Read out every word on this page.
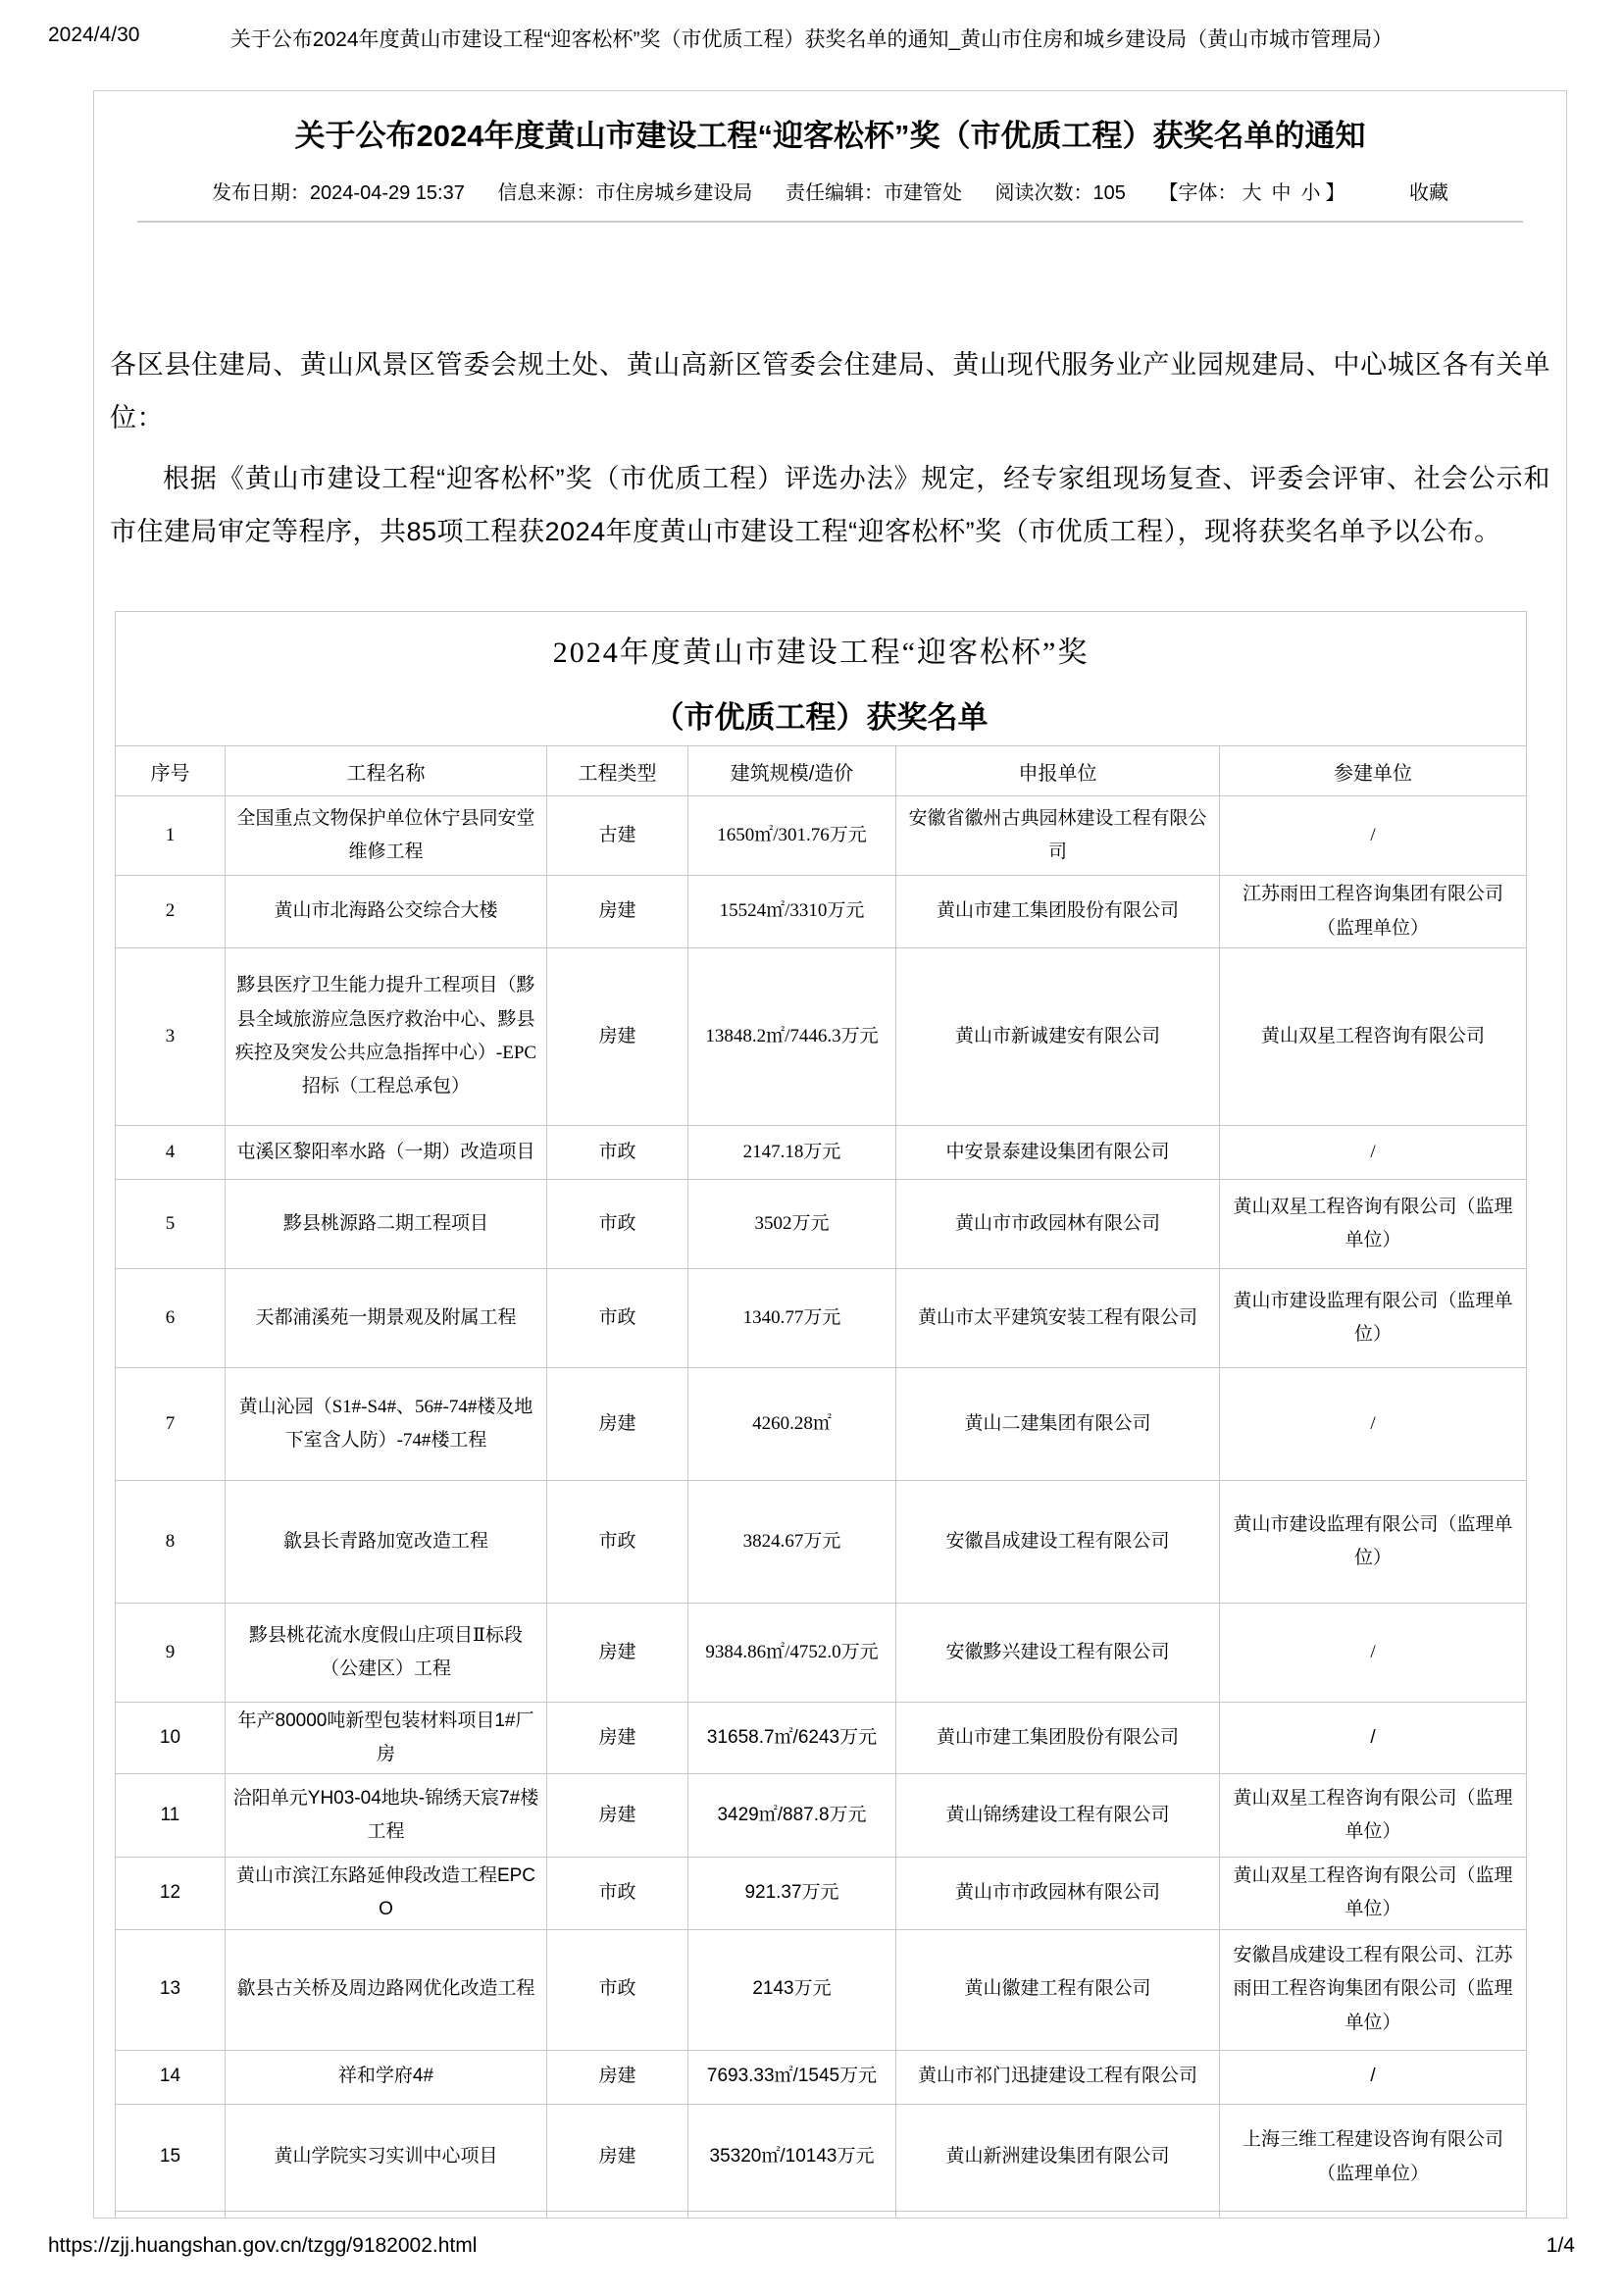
2024/4/30	关于公布2024年度黄山市建设工程“迎客松杯”奖（市优质工程）获奖名单的通知_黄山市住房和城乡建设局（黄山市城市管理局）
关于公布2024年度黄山市建设工程“迎客松杯”奖（市优质工程）获奖名单的通知
发布日期：2024-04-29 15:37 信息来源：市住房城乡建设局 责任编辑：市建管处 阅读次数：105 【字体： 大 中 小 】	收藏

各区县住建局、黄山风景区管委会规土处、黄山高新区管委会住建局、黄山现代服务业产业园规建局、中心城区各有关单位：

根据《黄山市建设工程“迎客松杯”奖（市优质工程）评选办法》规定，经专家组现场复查、评委会评审、社会公示和市住建局审定等程序，共85项工程获2024年度黄山市建设工程“迎客松杯”奖（市优质工程），现将获奖名单予以公布。

2024年度黄山市建设工程“迎客松杯”奖
（市优质工程）获奖名单					

序号	工程名称	工程类型	建筑规模/造价	申报单位	参建单位
1	全国重点文物保护单位休宁县同安堂维修工程	古建	1650㎡/301.76万元	安徽省徽州古典园林建设工程有限公司	/
2	黄山市北海路公交综合大楼	房建	15524㎡/3310万元	黄山市建工集团股份有限公司	江苏雨田工程咨询集团有限公司（监理单位）
3	黟县医疗卫生能力提升工程项目（黟县全域旅游应急医疗救治中心、黟县疾控及突发公共应急指挥中心）-EPC招标（工程总承包）	房建	13848.2㎡/7446.3万元	黄山市新诚建安有限公司	黄山双星工程咨询有限公司
4	屯溪区黎阳率水路（一期）改造项目	市政	2147.18万元	中安景泰建设集团有限公司	/
5	黟县桃源路二期工程项目	市政	3502万元	黄山市市政园林有限公司	黄山双星工程咨询有限公司（监理单位）
6	天都浦溪苑一期景观及附属工程	市政	1340.77万元	黄山市太平建筑安装工程有限公司	黄山市建设监理有限公司（监理单位）
7	黄山沁园（S1#-S4#、56#-74#楼及地下室含人防）-74#楼工程	房建	4260.28㎡	黄山二建集团有限公司	/
8	歙县长青路加宽改造工程	市政	3824.67万元	安徽昌成建设工程有限公司	黄山市建设监理有限公司（监理单位）
9	黟县桃花流水度假山庄项目Ⅱ标段（公建区）工程	房建	9384.86㎡/4752.0万元	安徽黟兴建设工程有限公司	/
10	年产80000吨新型包装材料项目1#厂房	房建	31658.7㎡/6243万元	黄山市建工集团股份有限公司	/
11	洽阳单元YH03-04地块-锦绣天宸7#楼工程	房建	3429㎡/887.8万元	黄山锦绣建设工程有限公司	黄山双星工程咨询有限公司（监理单位）
12	黄山市滨江东路延伸段改造工程EPCO	市政	921.37万元	黄山市市政园林有限公司	黄山双星工程咨询有限公司（监理单位）
13	歙县古关桥及周边路网优化改造工程	市政	2143万元	黄山徽建工程有限公司	安徽昌成建设工程有限公司、江苏雨田工程咨询集团有限公司（监理单位）
14	祥和学府4#	房建	7693.33㎡/1545万元	黄山市祁门迅捷建设工程有限公司	/
15	黄山学院实习实训中心项目	房建	35320㎡/10143万元	黄山新洲建设集团有限公司	上海三维工程建设咨询有限公司（监理单位）

https://zjj.huangshan.gov.cn/tzgg/9182002.html	1/4
